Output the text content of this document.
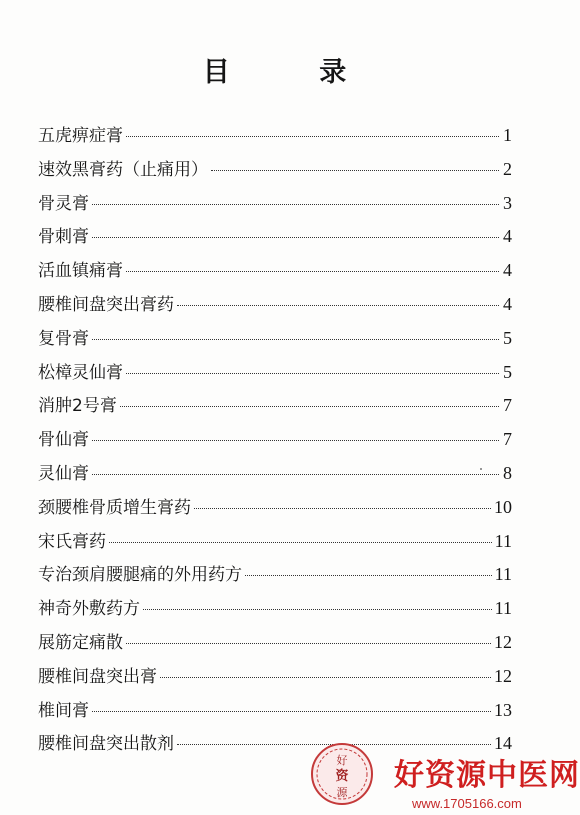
目 录
五虎痹症膏	1
速效黑膏药（止痛用）	2
骨灵膏	3
骨刺膏	4
活血镇痛膏	4
腰椎间盘突出膏药	4
复骨膏	5
松樟灵仙膏	5
消肿2号膏	7
骨仙膏	7
灵仙膏	8
颈腰椎骨质增生膏药	10
宋氏膏药	11
专治颈肩腰腿痛的外用药方	11
神奇外敷药方	11
展筋定痛散	12
腰椎间盘突出膏	12
椎间膏	13
腰椎间盘突出散剂	14
好
资
源 好资源中医网
www.1705166.com
